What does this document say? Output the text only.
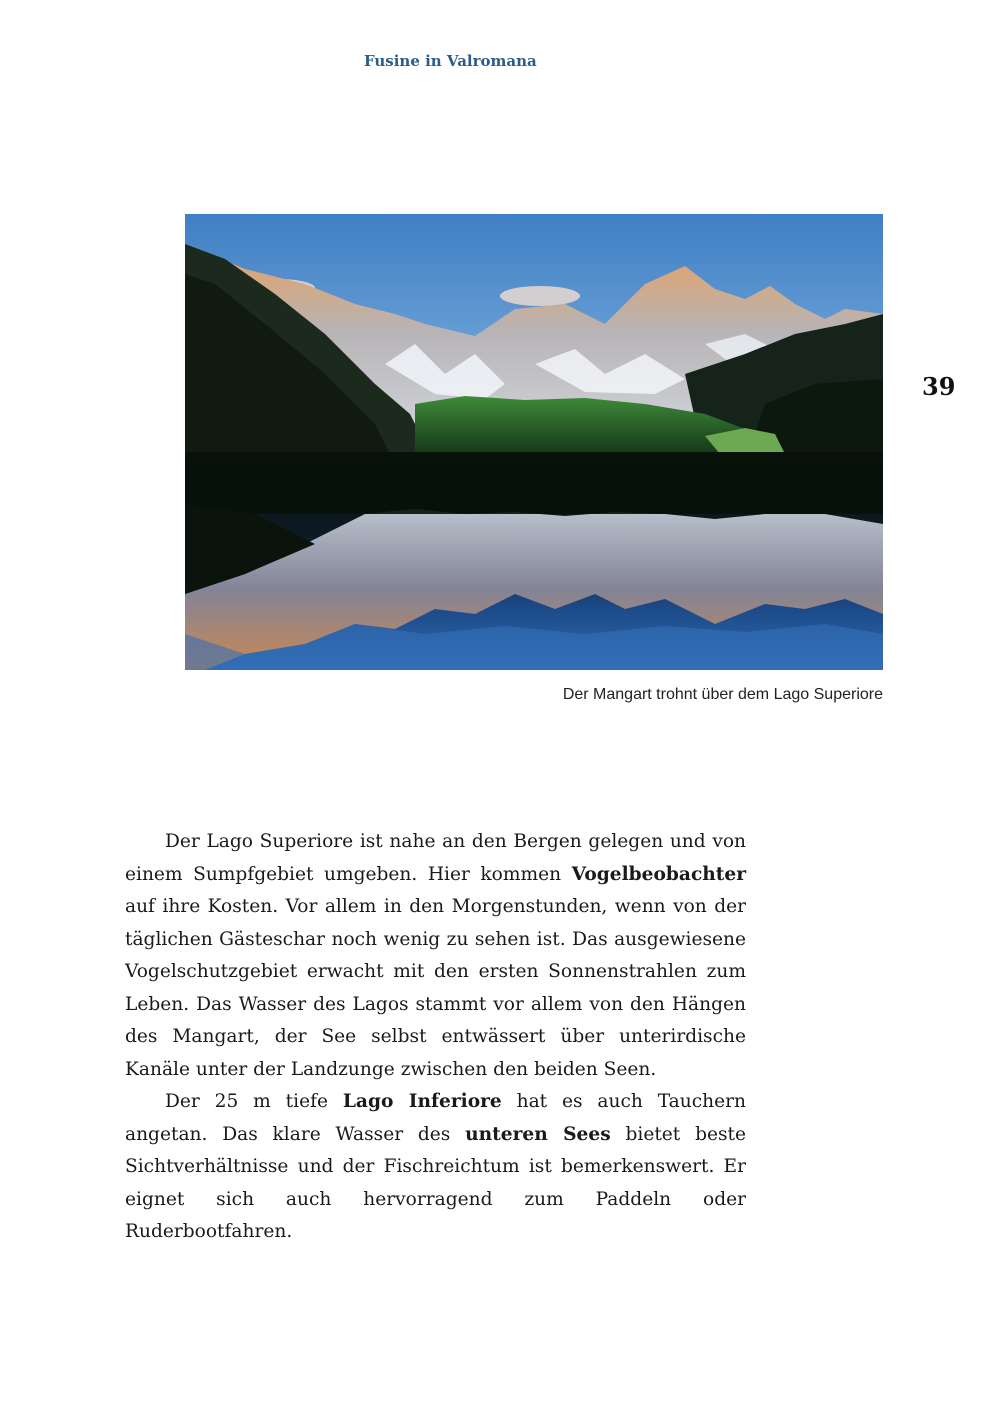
Fusine in Valromana
39
Der Mangart trohnt über dem Lago Superiore

Der Lago Superiore ist nahe an den Bergen gelegen und von einem Sumpfgebiet umgeben. Hier kommen Vogelbeobachter auf ihre Kosten. Vor allem in den Morgenstunden, wenn von der täglichen Gästeschar noch wenig zu sehen ist. Das ausgewiesene Vogelschutzgebiet erwacht mit den ersten Sonnenstrahlen zum Leben. Das Wasser des Lagos stammt vor allem von den Hängen des Mangart, der See selbst entwässert über unterirdische Kanäle unter der Landzunge zwischen den beiden Seen.

Der 25 m tiefe Lago Inferiore hat es auch Tauchern angetan. Das klare Wasser des unteren Sees bietet beste Sichtverhältnisse und der Fischreichtum ist bemerkenswert. Er eignet sich auch hervorragend zum Paddeln oder Ruderbootfahren.
